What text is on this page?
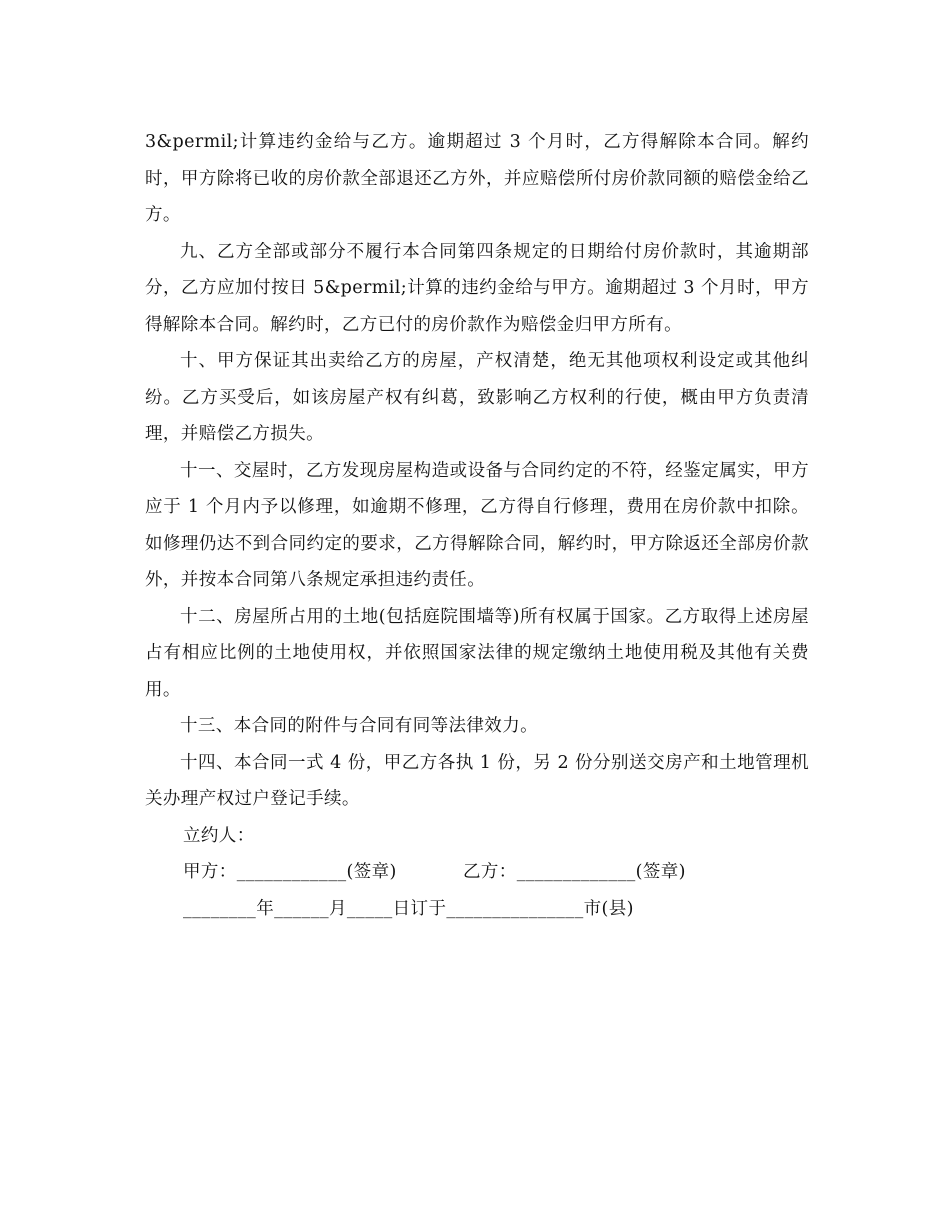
3&permil;计算违约金给与乙方。逾期超过 3 个月时，乙方得解除本合同。解约时，甲方除将已收的房价款全部退还乙方外，并应赔偿所付房价款同额的赔偿金给乙方。

九、乙方全部或部分不履行本合同第四条规定的日期给付房价款时，其逾期部分，乙方应加付按日 5&permil;计算的违约金给与甲方。逾期超过 3 个月时，甲方得解除本合同。解约时，乙方已付的房价款作为赔偿金归甲方所有。

十、甲方保证其出卖给乙方的房屋，产权清楚，绝无其他项权利设定或其他纠纷。乙方买受后，如该房屋产权有纠葛，致影响乙方权利的行使，概由甲方负责清理，并赔偿乙方损失。

十一、交屋时，乙方发现房屋构造或设备与合同约定的不符，经鉴定属实，甲方应于 1 个月内予以修理，如逾期不修理，乙方得自行修理，费用在房价款中扣除。如修理仍达不到合同约定的要求，乙方得解除合同，解约时，甲方除返还全部房价款外，并按本合同第八条规定承担违约责任。

十二、房屋所占用的土地(包括庭院围墙等)所有权属于国家。乙方取得上述房屋占有相应比例的土地使用权，并依照国家法律的规定缴纳土地使用税及其他有关费用。

十三、本合同的附件与合同有同等法律效力。

十四、本合同一式 4 份，甲乙方各执 1 份，另 2 份分别送交房产和土地管理机关办理产权过户登记手续。

立约人：
甲方：____________(签章)	乙方：_____________(签章)
________年______月_____日订于_______________市(县)
